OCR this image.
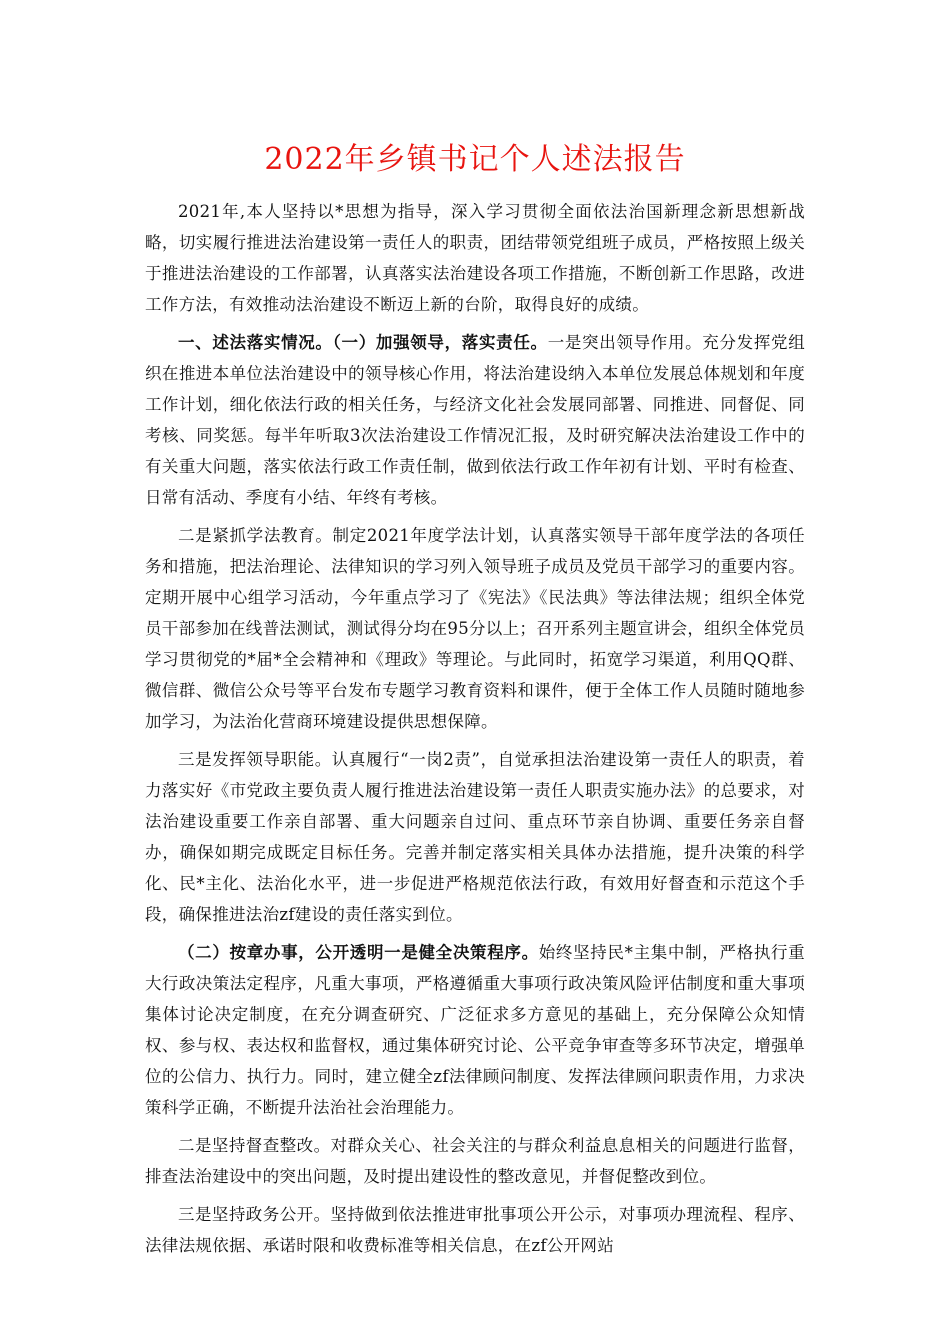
2022年乡镇书记个人述法报告

2021年,本人坚持以*思想为指导，深入学习贯彻全面依法治国新理念新思想新战略，切实履行推进法治建设第一责任人的职责，团结带领党组班子成员，严格按照上级关于推进法治建设的工作部署，认真落实法治建设各项工作措施，不断创新工作思路，改进工作方法，有效推动法治建设不断迈上新的台阶，取得良好的成绩。

一、述法落实情况。（一）加强领导，落实责任。一是突出领导作用。充分发挥党组织在推进本单位法治建设中的领导核心作用，将法治建设纳入本单位发展总体规划和年度工作计划，细化依法行政的相关任务，与经济文化社会发展同部署、同推进、同督促、同考核、同奖惩。每半年听取3次法治建设工作情况汇报，及时研究解决法治建设工作中的有关重大问题，落实依法行政工作责任制，做到依法行政工作年初有计划、平时有检查、日常有活动、季度有小结、年终有考核。

二是紧抓学法教育。制定2021年度学法计划，认真落实领导干部年度学法的各项任务和措施，把法治理论、法律知识的学习列入领导班子成员及党员干部学习的重要内容。定期开展中心组学习活动，今年重点学习了《宪法》《民法典》等法律法规；组织全体党员干部参加在线普法测试，测试得分均在95分以上；召开系列主题宣讲会，组织全体党员学习贯彻党的*届*全会精神和《理政》等理论。与此同时，拓宽学习渠道，利用QQ群、微信群、微信公众号等平台发布专题学习教育资料和课件，便于全体工作人员随时随地参加学习，为法治化营商环境建设提供思想保障。

三是发挥领导职能。认真履行“一岗2责”，自觉承担法治建设第一责任人的职责，着力落实好《市党政主要负责人履行推进法治建设第一责任人职责实施办法》的总要求，对法治建设重要工作亲自部署、重大问题亲自过问、重点环节亲自协调、重要任务亲自督办，确保如期完成既定目标任务。完善并制定落实相关具体办法措施，提升决策的科学化、民*主化、法治化水平，进一步促进严格规范依法行政，有效用好督查和示范这个手段，确保推进法治zf建设的责任落实到位。

（二）按章办事，公开透明一是健全决策程序。始终坚持民*主集中制，严格执行重大行政决策法定程序，凡重大事项，严格遵循重大事项行政决策风险评估制度和重大事项集体讨论决定制度，在充分调查研究、广泛征求多方意见的基础上，充分保障公众知情权、参与权、表达权和监督权，通过集体研究讨论、公平竞争审查等多环节决定，增强单位的公信力、执行力。同时，建立健全zf法律顾问制度、发挥法律顾问职责作用，力求决策科学正确，不断提升法治社会治理能力。

二是坚持督查整改。对群众关心、社会关注的与群众利益息息相关的问题进行监督，排查法治建设中的突出问题，及时提出建设性的整改意见，并督促整改到位。

三是坚持政务公开。坚持做到依法推进审批事项公开公示，对事项办理流程、程序、法律法规依据、承诺时限和收费标准等相关信息，在zf公开网站
